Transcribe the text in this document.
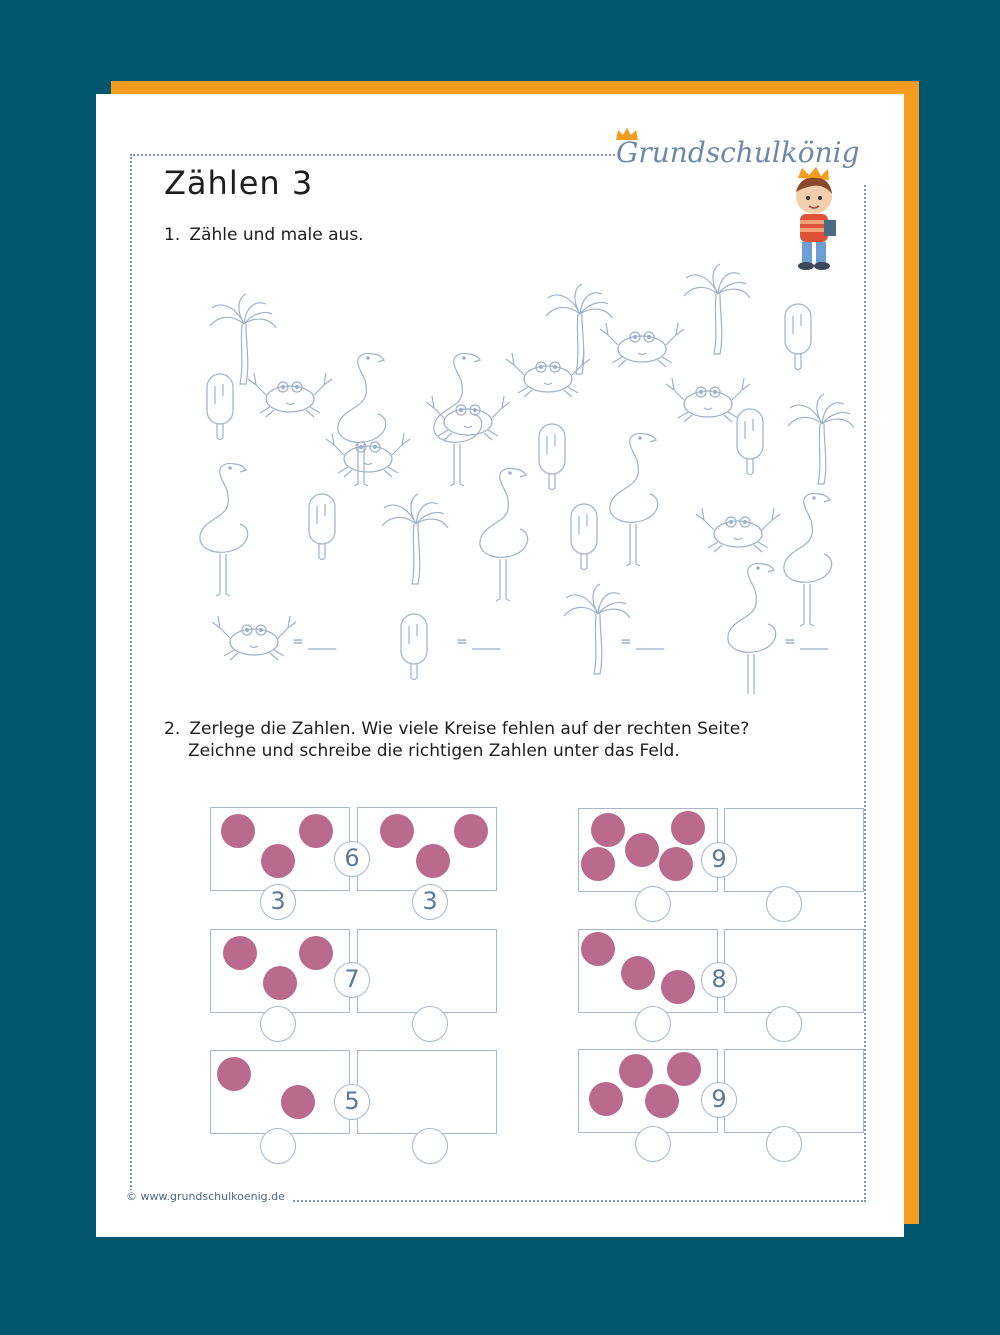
Grundschulkönig
Zählen 3
1. Zähle und male aus.
= ____	= ____	= ____	= ____
2. Zerlege die Zahlen. Wie viele Kreise fehlen auf der rechten Seite?
Zeichne und schreibe die richtigen Zahlen unter das Feld.
6
3	3
9
7	8
5	9
© www.grundschulkoenig.de
